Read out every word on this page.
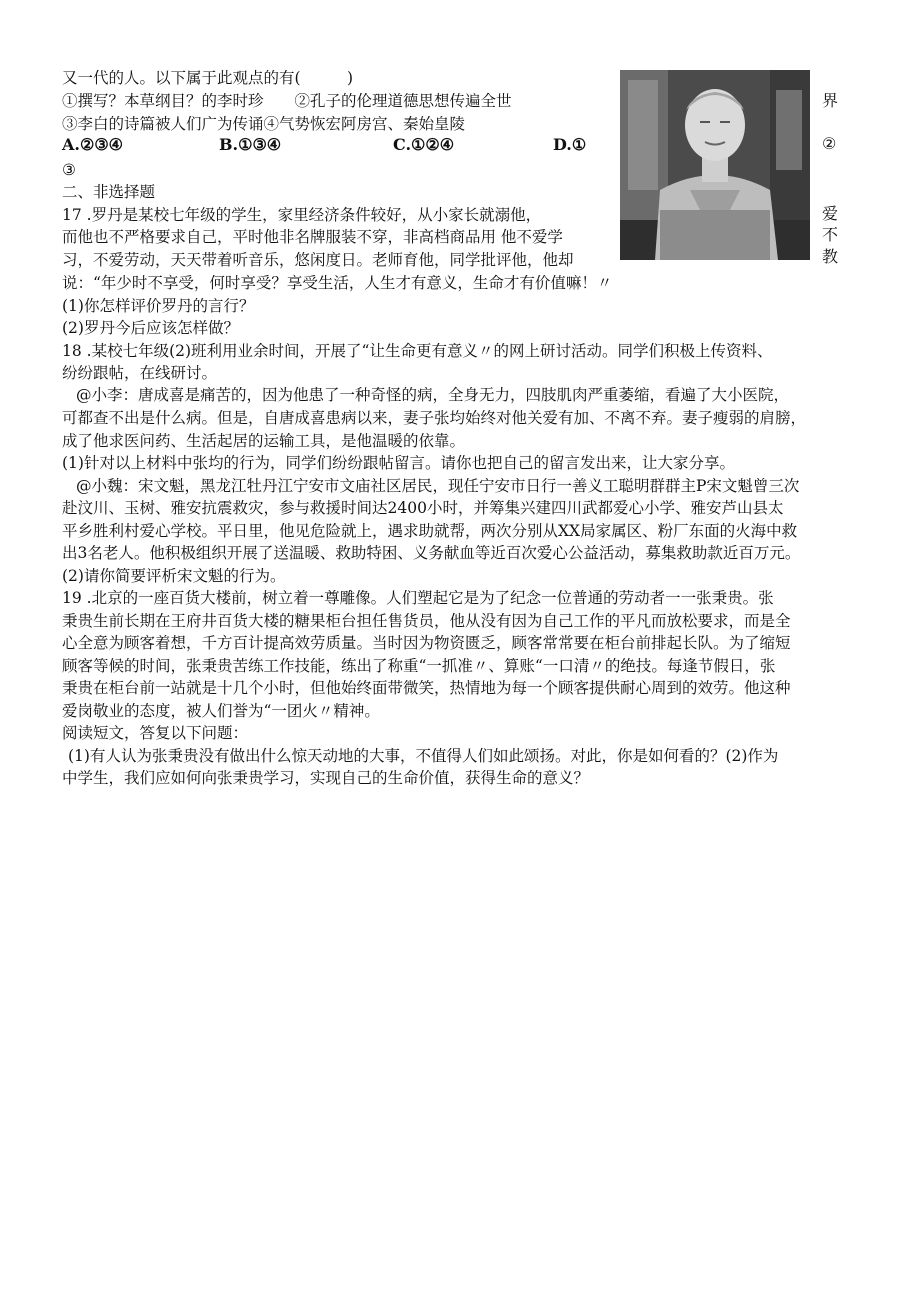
又一代的人。以下属于此观点的有(　　　)
①撰写？本草纲目？的李时珍　　②孔子的伦理道德思想传遍全世
③李白的诗篇被人们广为传诵④气势恢宏阿房宫、秦始皇陵
A.②③④	B.①③④	C.①②④	D.①
③
二、非选择题
17 .罗丹是某校七年级的学生，家里经济条件较好，从小家长就溺他，
而他也不严格要求自己，平时他非名牌服装不穿，非高档商品用 他不爱学
习，不爱劳动，天天带着听音乐，悠闲度日。老师育他，同学批评他，他却
说：“年少时不享受，何时享受？享受生活，人生才有意义，生命才有价值嘛！〃
(1)你怎样评价罗丹的言行？
(2)罗丹今后应该怎样做？
18 .某校七年级(2)班利用业余时间，开展了“让生命更有意义〃的网上研讨活动。同学们积极上传资料、
纷纷跟帖，在线研讨。
@小李：唐成喜是痛苦的，因为他患了一种奇怪的病，全身无力，四肢肌肉严重萎缩，看遍了大小医院，
可都查不出是什么病。但是，自唐成喜患病以来，妻子张均始终对他关爱有加、不离不弃。妻子瘦弱的肩膀，
成了他求医问药、生活起居的运输工具，是他温暖的依靠。
(1)针对以上材料中张均的行为，同学们纷纷跟帖留言。请你也把自己的留言发出来，让大家分享。
@小魏：宋文魁，黑龙江牡丹江宁安市文庙社区居民，现任宁安市日行一善义工聪明群群主P宋文魁曾三次
赴汶川、玉树、雅安抗震救灾，参与救援时间达2400小时，并筹集兴建四川武都爱心小学、雅安芦山县太
平乡胜利村爱心学校。平日里，他见危险就上，遇求助就帮，两次分别从XX局家属区、粉厂东面的火海中救
出3名老人。他积极组织开展了送温暖、救助特困、义务献血等近百次爱心公益活动，募集救助款近百万元。
(2)请你简要评析宋文魁的行为。
19 .北京的一座百货大楼前，树立着一尊雕像。人们塑起它是为了纪念一位普通的劳动者一一张秉贵。张
秉贵生前长期在王府井百货大楼的糖果柜台担任售货员，他从没有因为自己工作的平凡而放松要求，而是全
心全意为顾客着想，千方百计提高效劳质量。当时因为物资匮乏，顾客常常要在柜台前排起长队。为了缩短
顾客等候的时间，张秉贵苦练工作技能，练出了称重“一抓准〃、算账“一口清〃的绝技。每逢节假日，张
秉贵在柜台前一站就是十几个小时，但他始终面带微笑，热情地为每一个顾客提供耐心周到的效劳。他这种
爱岗敬业的态度，被人们誉为“一团火〃精神。
阅读短文，答复以下问题：
(1)有人认为张秉贵没有做出什么惊天动地的大事，不值得人们如此颂扬。对此，你是如何看的？(2)作为
中学生，我们应如何向张秉贵学习，实现自己的生命价值，获得生命的意义？
界
②
爱
不
教
